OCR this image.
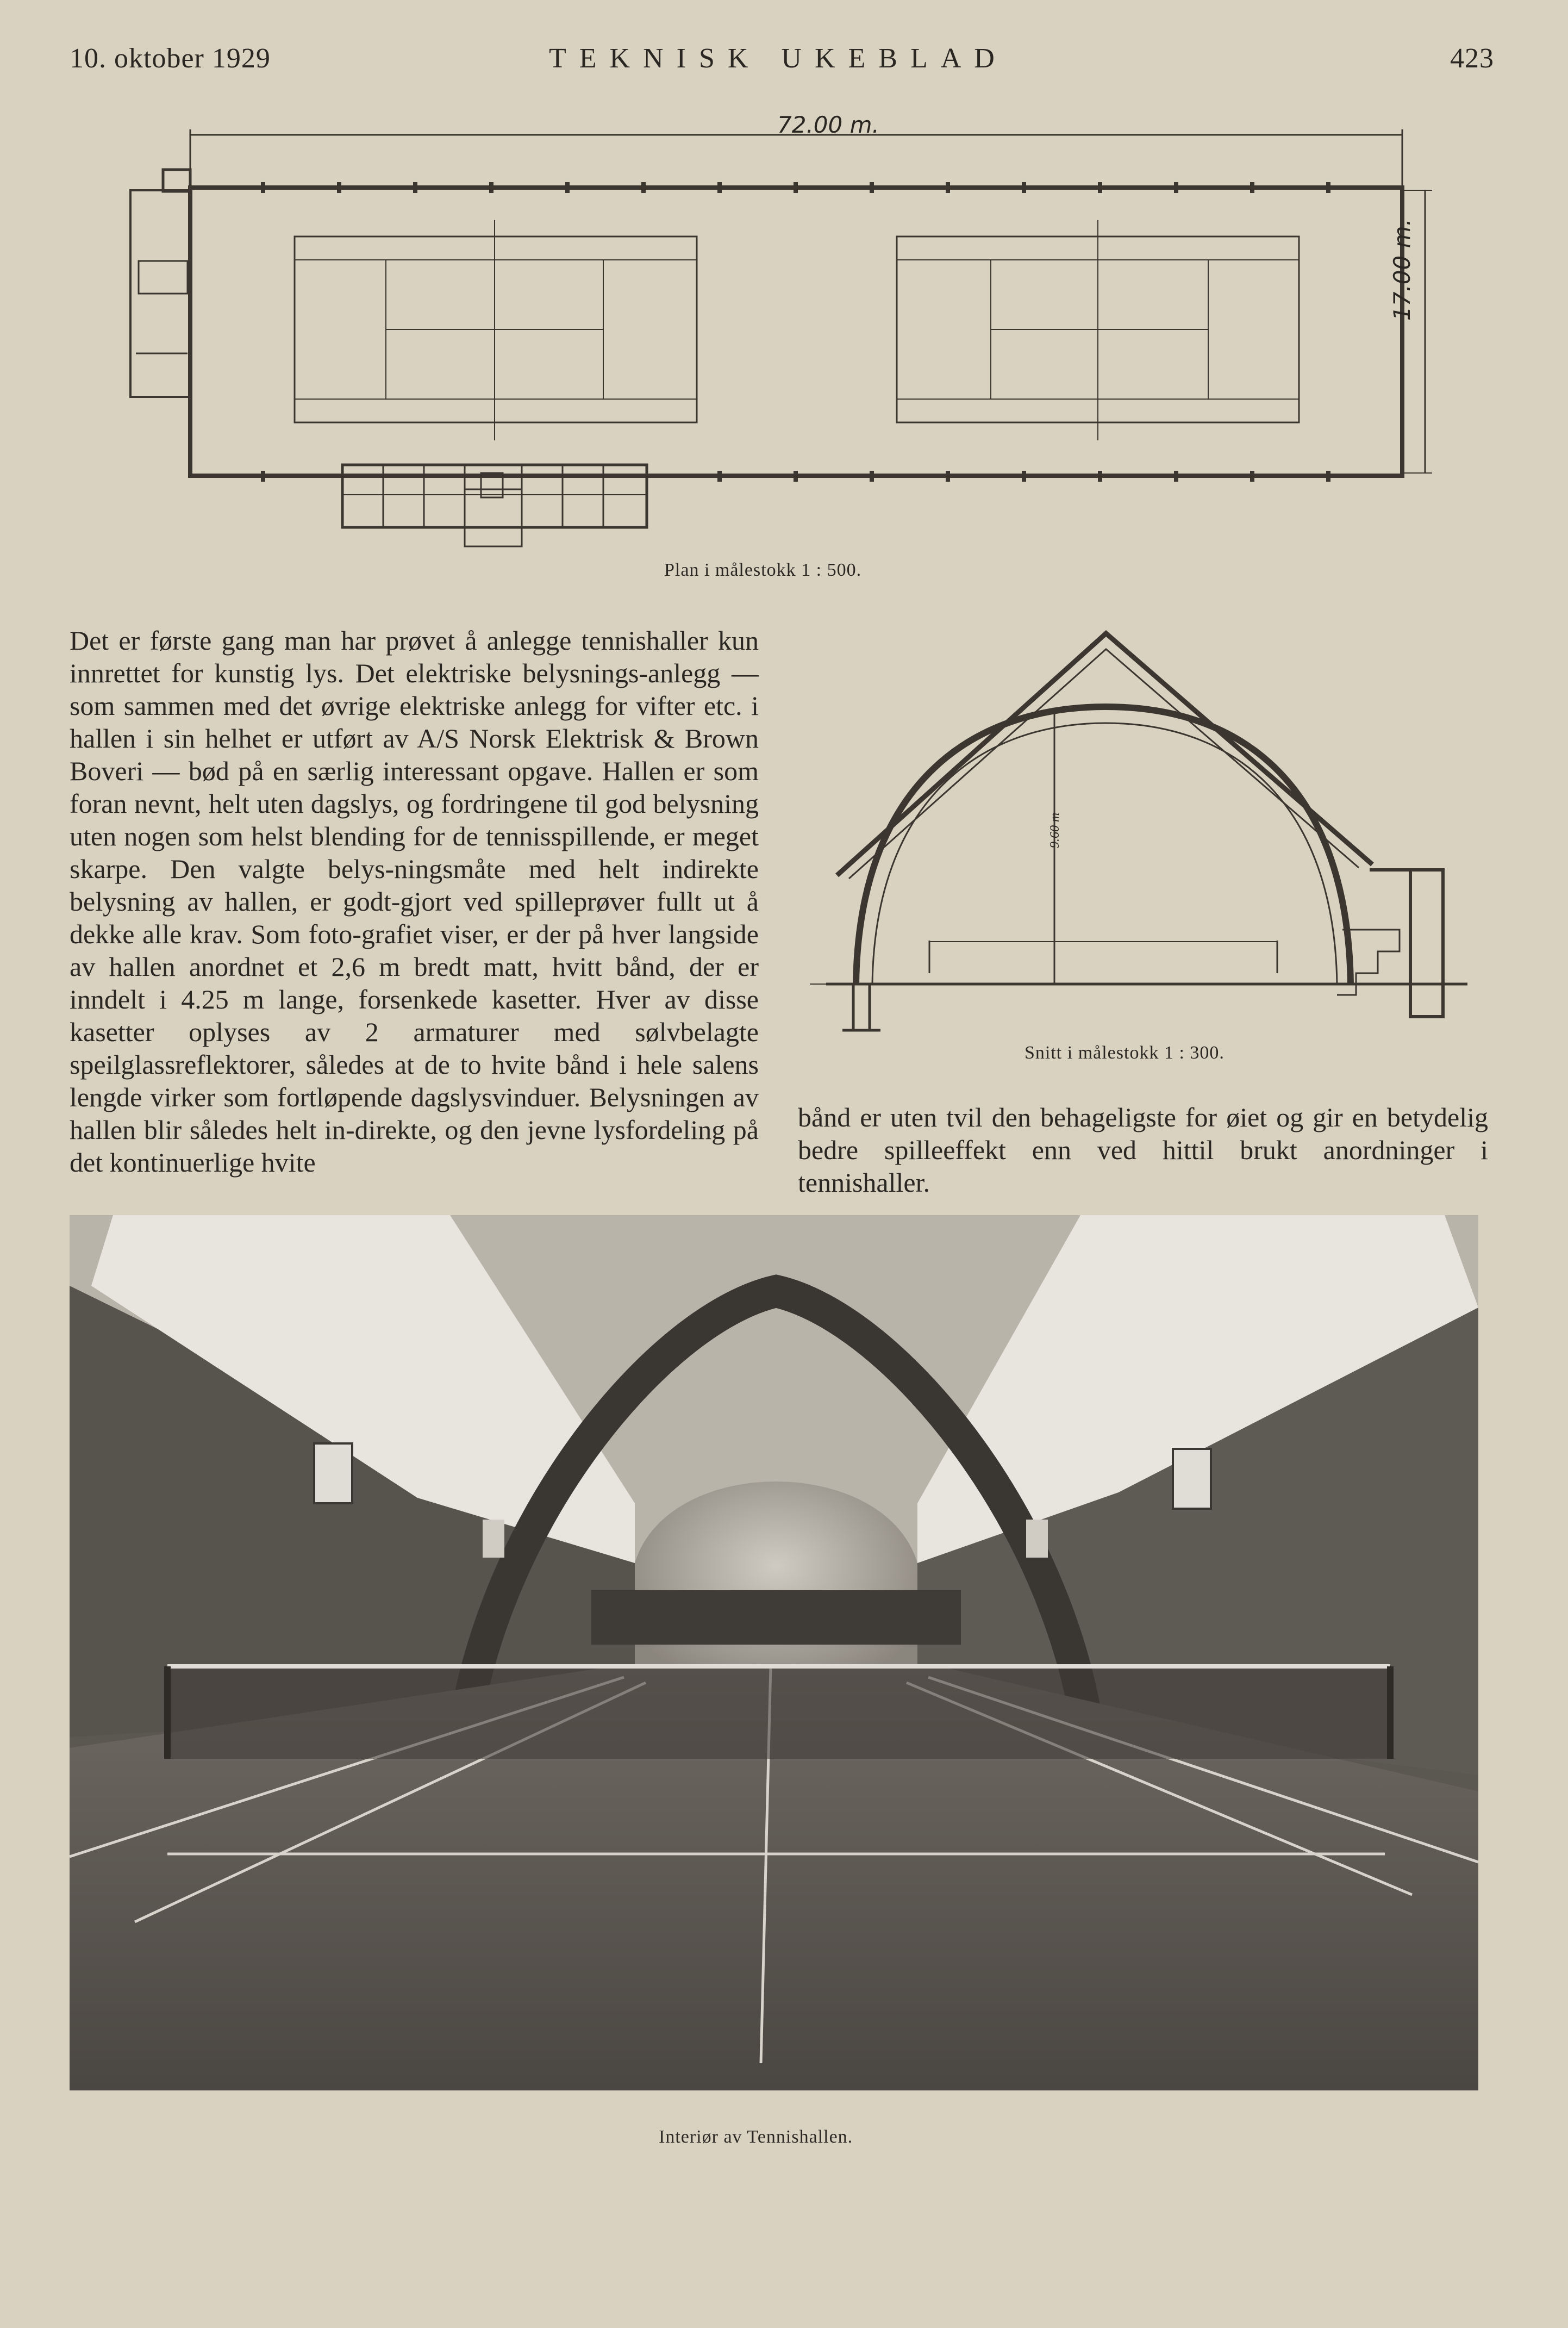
10. oktober 1929	TEKNISK UKEBLAD	423
72.00 m.
17.00 m.
Plan i målestokk 1 : 500.
Det er første gang man har prøvet å anlegge tennishaller kun innrettet for kunstig lys. Det elektriske belysnings-anlegg — som sammen med det øvrige elektriske anlegg for vifter etc. i hallen i sin helhet er utført av A/S Norsk Elektrisk & Brown Boveri — bød på en særlig interessant opgave. Hallen er som foran nevnt, helt uten dagslys, og fordringene til god belysning uten nogen som helst blending for de tennisspillende, er meget skarpe. Den valgte belys-ningsmåte med helt indirekte belysning av hallen, er godt-gjort ved spilleprøver fullt ut å dekke alle krav. Som foto-grafiet viser, er der på hver langside av hallen anordnet et 2,6 m bredt matt, hvitt bånd, der er inndelt i 4.25 m lange, forsenkede kasetter. Hver av disse kasetter oplyses av 2 armaturer med sølvbelagte speilglassreflektorer, således at de to hvite bånd i hele salens lengde virker som fortløpende dagslysvinduer. Belysningen av hallen blir således helt in-direkte, og den jevne lysfordeling på det kontinuerlige hvite
9.60 m
Snitt i målestokk 1 : 300.
bånd er uten tvil den behageligste for øiet og gir en betydelig bedre spilleeffekt enn ved hittil brukt anordninger i tennishaller.
Interiør av Tennishallen.
